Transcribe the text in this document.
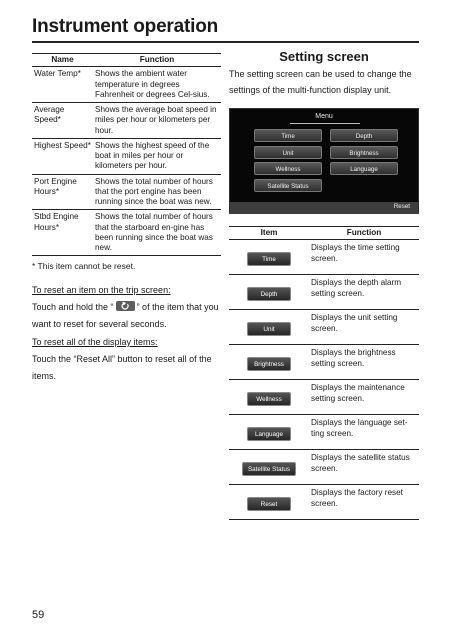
Instrument operation
Name	Function
Water Temp*	Shows the ambient water temperature in degrees Fahrenheit or degrees Cel-sius.
Average Speed*	Shows the average boat speed in miles per hour or kilometers per hour.
Highest Speed*	Shows the highest speed of the boat in miles per hour or kilometers per hour.
Port Engine Hours*	Shows the total number of hours that the port engine has been running since the boat was new.
Stbd Engine Hours*	Shows the total number of hours that the starboard en-gine has been running since the boat was new.
* This item cannot be reset.
To reset an item on the trip screen:
Touch and hold the “	” of the item that you want to reset for several seconds.
To reset all of the display items:
Touch the “Reset All” button to reset all of the items.
59
Setting screen
The setting screen can be used to change the settings of the multi-function display unit.
Menu
Time	Depth
Unit	Brightness
Wellness	Language
Satellite Status
Reset
Item	Function
Time	Displays the time setting screen.
Depth	Displays the depth alarm setting screen.
Unit	Displays the unit setting screen.
Brightness	Displays the brightness setting screen.
Wellness	Displays the maintenance setting screen.
Language	Displays the language set-ting screen.
Satellite Status	Displays the satellite status screen.
Reset	Displays the factory reset screen.
